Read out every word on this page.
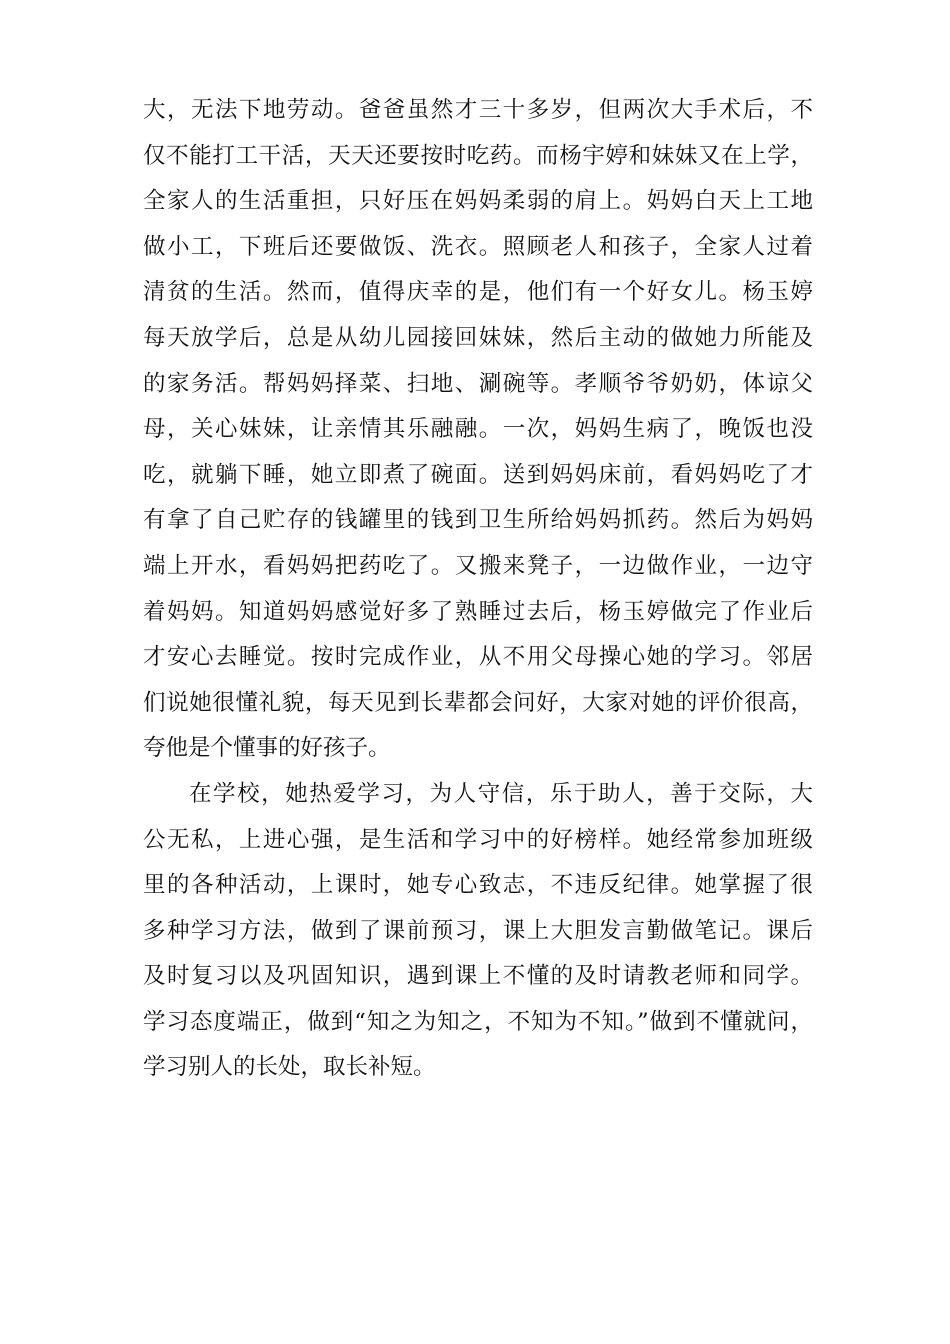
大，无法下地劳动。爸爸虽然才三十多岁，但两次大手术后，不
仅不能打工干活，天天还要按时吃药。而杨宇婷和妹妹又在上学，
全家人的生活重担，只好压在妈妈柔弱的肩上。妈妈白天上工地
做小工，下班后还要做饭、洗衣。照顾老人和孩子，全家人过着
清贫的生活。然而，值得庆幸的是，他们有一个好女儿。杨玉婷
每天放学后，总是从幼儿园接回妹妹，然后主动的做她力所能及
的家务活。帮妈妈择菜、扫地、涮碗等。孝顺爷爷奶奶，体谅父
母，关心妹妹，让亲情其乐融融。一次，妈妈生病了，晚饭也没
吃，就躺下睡，她立即煮了碗面。送到妈妈床前，看妈妈吃了才
有拿了自己贮存的钱罐里的钱到卫生所给妈妈抓药。然后为妈妈
端上开水，看妈妈把药吃了。又搬来凳子，一边做作业，一边守
着妈妈。知道妈妈感觉好多了熟睡过去后，杨玉婷做完了作业后
才安心去睡觉。按时完成作业，从不用父母操心她的学习。邻居
们说她很懂礼貌，每天见到长辈都会问好，大家对她的评价很高，
夸他是个懂事的好孩子。
在学校，她热爱学习，为人守信，乐于助人，善于交际，大
公无私，上进心强，是生活和学习中的好榜样。她经常参加班级
里的各种活动，上课时，她专心致志，不违反纪律。她掌握了很
多种学习方法，做到了课前预习，课上大胆发言勤做笔记。课后
及时复习以及巩固知识，遇到课上不懂的及时请教老师和同学。
学习态度端正，做到“知之为知之，不知为不知。”做到不懂就问，
学习别人的长处，取长补短。
